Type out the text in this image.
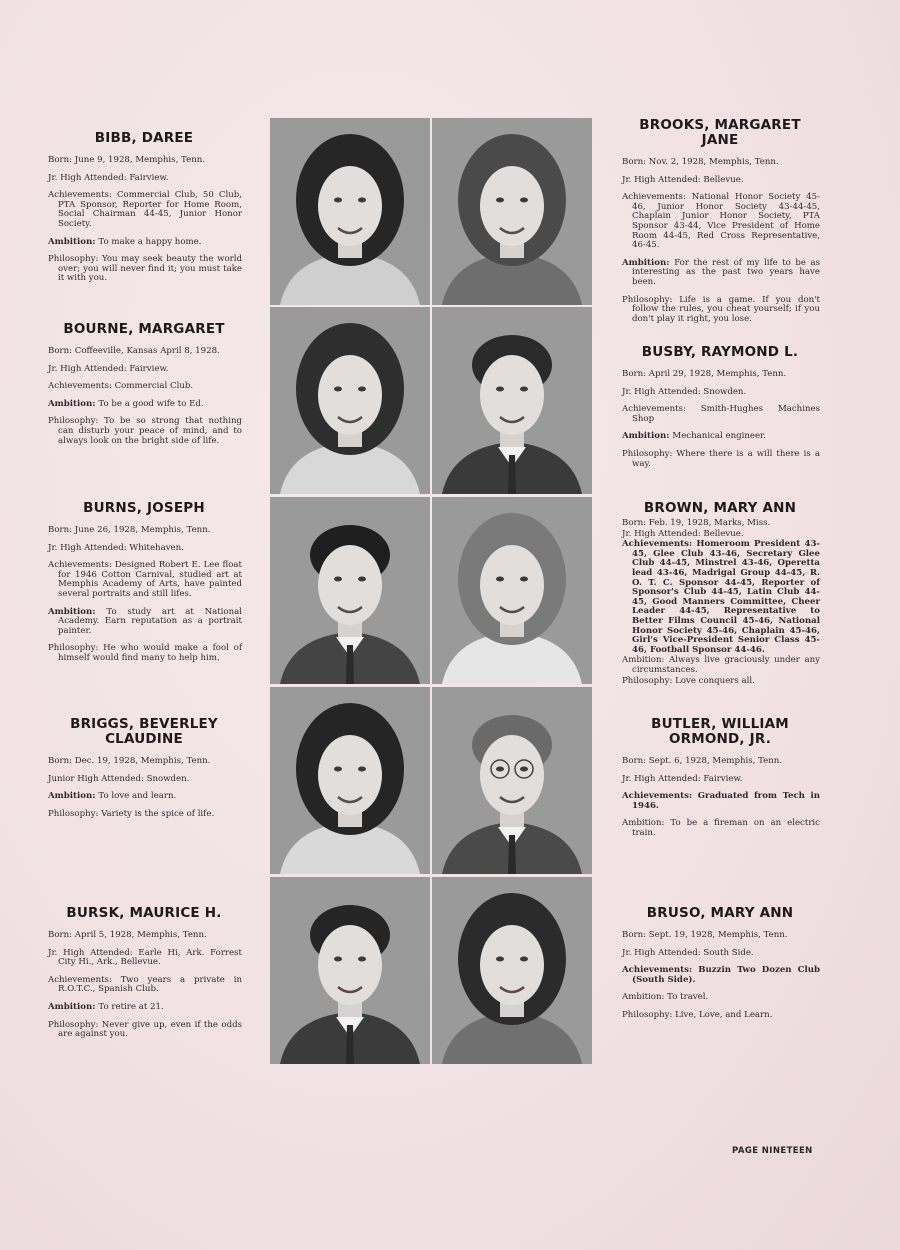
BIBB, DAREE
Born: June 9, 1928, Memphis, Tenn.
Jr. High Attended: Fairview.
Achievements: Commercial Club, 50 Club, PTA Sponsor, Reporter for Home Room, Social Chairman 44-45, Junior Honor Society.
Ambition: To make a happy home.
Philosophy: You may seek beauty the world over; you will never find it; you must take it with you.
BOURNE, MARGARET
Born: Coffeeville, Kansas April 8, 1928.
Jr. High Attended: Fairview.
Achievements: Commercial Club.
Ambition: To be a good wife to Ed.
Philosophy: To be so strong that nothing can disturb your peace of mind, and to always look on the bright side of life.
BURNS, JOSEPH
Born: June 26, 1928, Memphis, Tenn.
Jr. High Attended: Whitehaven.
Achievements: Designed Robert E. Lee float for 1946 Cotton Carnival, studied art at Memphis Academy of Arts, have painted several portraits and still lifes.
Ambition: To study art at National Academy. Earn reputation as a portrait painter.
Philosophy: He who would make a fool of himself would find many to help him.
BRIGGS, BEVERLEY CLAUDINE
Born: Dec. 19, 1928, Memphis, Tenn.
Junior High Attended: Snowden.
Ambition: To love and learn.
Philosophy: Variety is the spice of life.
BURSK, MAURICE H.
Born: April 5, 1928, Memphis, Tenn.
Jr. High Attended: Earle Hi, Ark. Forrest City Hi., Ark., Bellevue.
Achievements: Two years a private in R.O.T.C., Spanish Club.
Ambition: To retire at 21.
Philosophy: Never give up, even if the odds are against you.
BROOKS, MARGARET JANE
Born: Nov. 2, 1928, Memphis, Tenn.
Jr. High Attended: Bellevue.
Achievements: National Honor Society 45-46, Junior Honor Society 43-44-45, Chaplain Junior Honor Society, PTA Sponsor 43-44, Vice President of Home Room 44-45, Red Cross Representative, 46-45.
Ambition: For the rest of my life to be as interesting as the past two years have been.
Philosophy: Life is a game. If you don't follow the rules, you cheat yourself; if you don't play it right, you lose.
BUSBY, RAYMOND L.
Born: April 29, 1928, Memphis, Tenn.
Jr. High Attended: Snowden.
Achievements: Smith-Hughes Machines Shop
Ambition: Mechanical engineer.
Philosophy: Where there is a will there is a way.
BROWN, MARY ANN
Born: Feb. 19, 1928, Marks, Miss.
Jr. High Attended: Bellevue.
Achievements: Homeroom President 43-45, Glee Club 43-46, Secretary Glee Club 44-45, Minstrel 43-46, Operetta lead 43-46, Madrigal Group 44-45, R. O. T. C. Sponsor 44-45, Reporter of Sponsor's Club 44-45, Latin Club 44-45, Good Manners Committee, Cheer Leader 44-45, Representative to Better Films Council 45-46, National Honor Society 45-46, Chaplain 45-46, Girl's Vice-President Senior Class 45-46, Football Sponsor 44-46.
Ambition: Always live graciously under any circumstances.
Philosophy: Love conquers all.
BUTLER, WILLIAM ORMOND, JR.
Born: Sept. 6, 1928, Memphis, Tenn.
Jr. High Attended: Fairview.
Achievements: Graduated from Tech in 1946.
Ambition: To be a fireman on an electric train.
BRUSO, MARY ANN
Born: Sept. 19, 1928, Memphis, Tenn.
Jr. High Attended: South Side.
Achievements: Buzzin Two Dozen Club (South Side).
Ambition: To travel.
Philosophy: Live, Love, and Learn.
PAGE NINETEEN
